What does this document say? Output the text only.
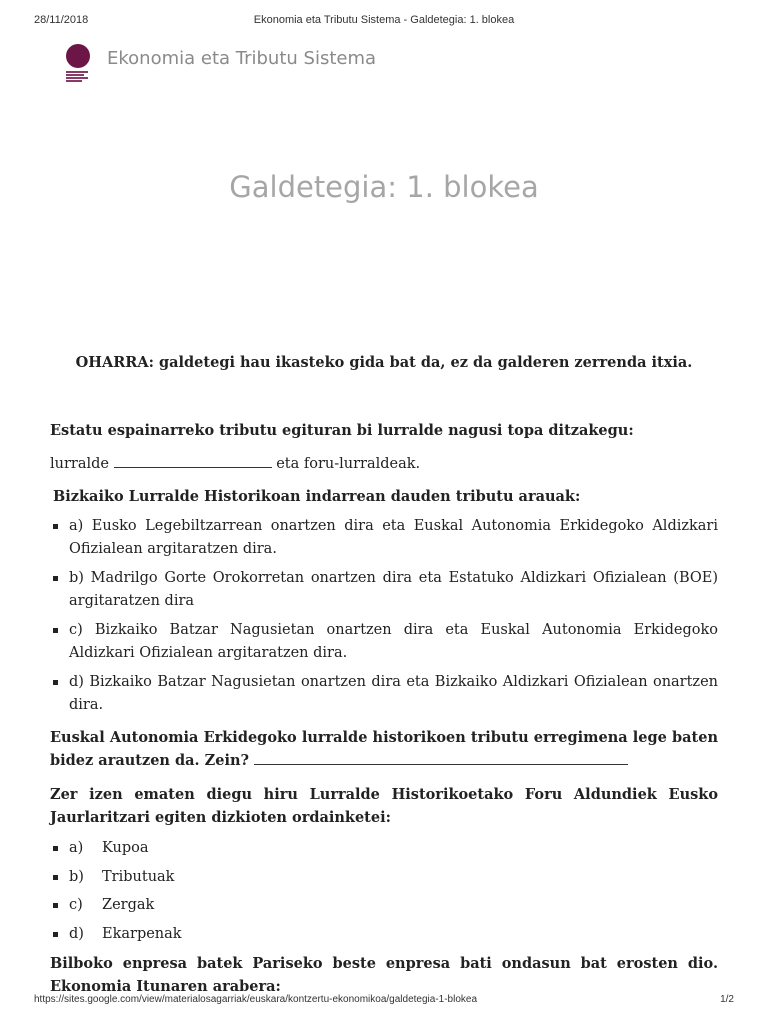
28/11/2018	Ekonomia eta Tributu Sistema - Galdetegia: 1. blokea
Ekonomia eta Tributu Sistema
Galdetegia: 1. blokea

OHARRA: galdetegi hau ikasteko gida bat da, ez da galderen zerrenda itxia.

Estatu espainarreko tributu egituran bi lurralde nagusi topa ditzakegu:

lurralde	eta foru-lurraldeak.

Bizkaiko Lurralde Historikoan indarrean dauden tributu arauak:

a) Eusko Legebiltzarrean onartzen dira eta Euskal Autonomia Erkidegoko Aldizkari Ofizialean argitaratzen dira.
b) Madrilgo Gorte Orokorretan onartzen dira eta Estatuko Aldizkari Ofizialean (BOE) argitaratzen dira
c) Bizkaiko Batzar Nagusietan onartzen dira eta Euskal Autonomia Erkidegoko Aldizkari Ofizialean argitaratzen dira.
d) Bizkaiko Batzar Nagusietan onartzen dira eta Bizkaiko Aldizkari Ofizialean onartzen dira.

Euskal Autonomia Erkidegoko lurralde historikoen tributu erregimena lege baten bidez arautzen da. Zein?

Zer izen ematen diegu hiru Lurralde Historikoetako Foru Aldundiek Eusko Jaurlaritzari egiten dizkioten ordainketei:

a) Kupoa
b) Tributuak
c) Zergak
d) Ekarpenak

Bilboko enpresa batek Pariseko beste enpresa bati ondasun bat erosten dio. Ekonomia Itunaren arabera:

https://sites.google.com/view/materialosagarriak/euskara/kontzertu-ekonomikoa/galdetegia-1-blokea	1/2
